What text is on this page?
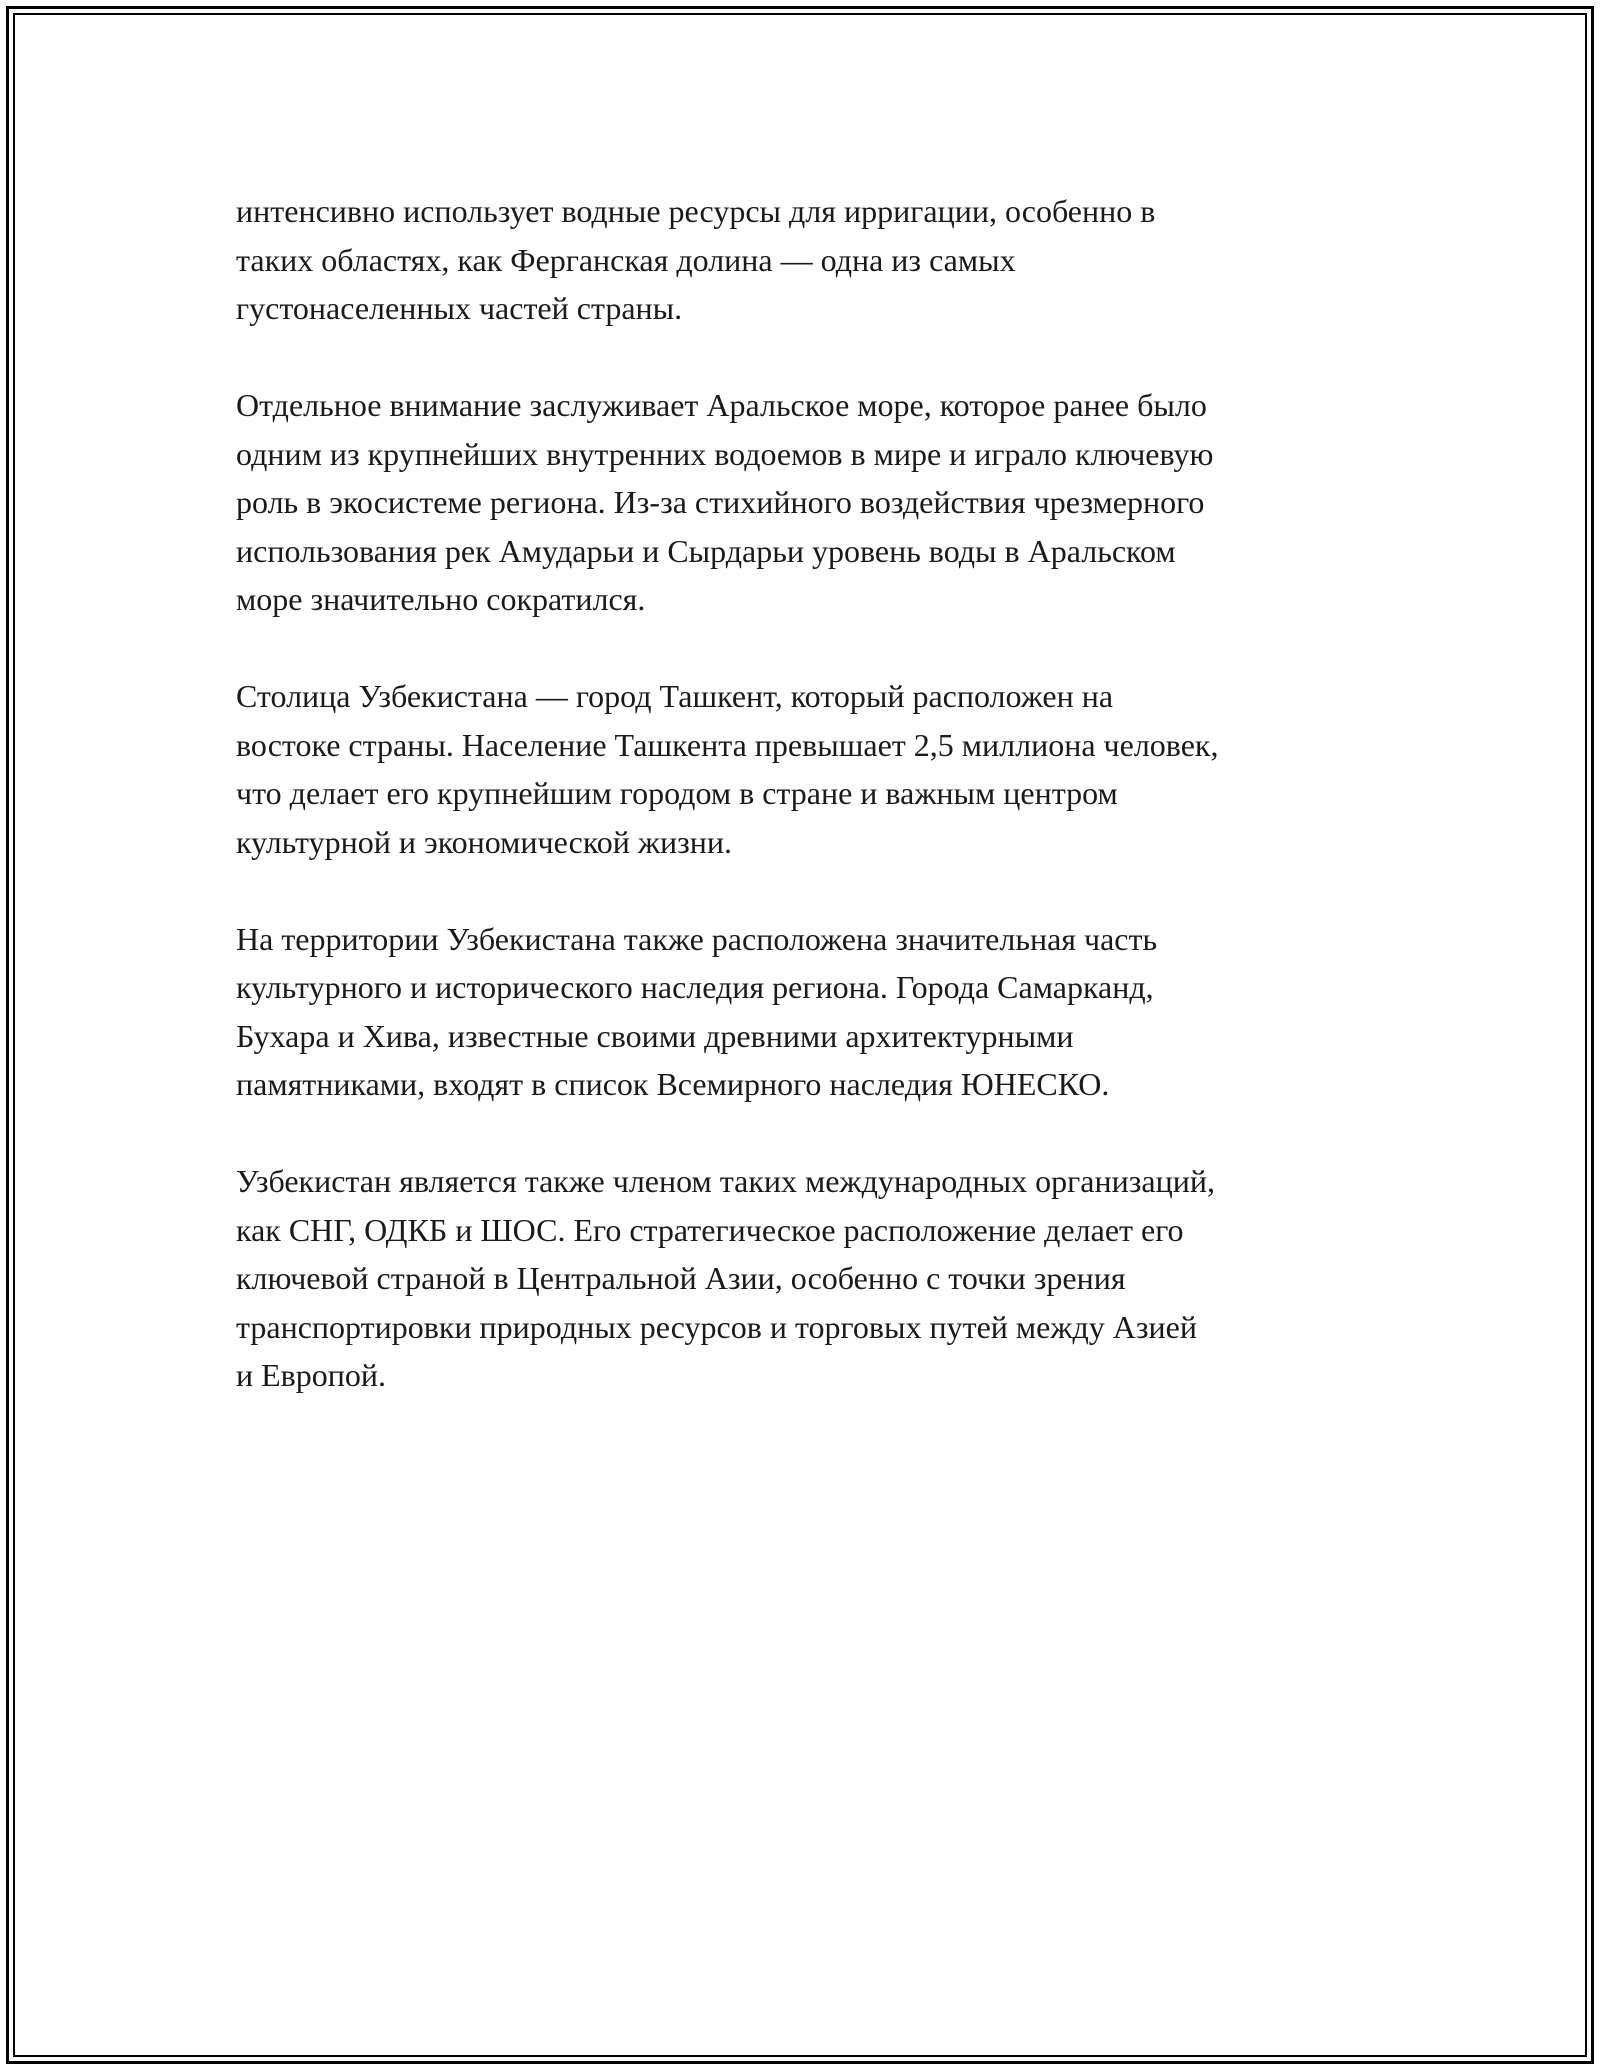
интенсивно использует водные ресурсы для ирригации, особенно в
таких областях, как Ферганская долина — одна из самых
густонаселенных частей страны.

Отдельное внимание заслуживает Аральское море, которое ранее было
одним из крупнейших внутренних водоемов в мире и играло ключевую
роль в экосистеме региона. Из-за стихийного воздействия чрезмерного
использования рек Амударьи и Сырдарьи уровень воды в Аральском
море значительно сократился.

Столица Узбекистана — город Ташкент, который расположен на
востоке страны. Население Ташкента превышает 2,5 миллиона человек,
что делает его крупнейшим городом в стране и важным центром
культурной и экономической жизни.

На территории Узбекистана также расположена значительная часть
культурного и исторического наследия региона. Города Самарканд,
Бухара и Хива, известные своими древними архитектурными
памятниками, входят в список Всемирного наследия ЮНЕСКО.

Узбекистан является также членом таких международных организаций,
как СНГ, ОДКБ и ШОС. Его стратегическое расположение делает его
ключевой страной в Центральной Азии, особенно с точки зрения
транспортировки природных ресурсов и торговых путей между Азией
и Европой.
